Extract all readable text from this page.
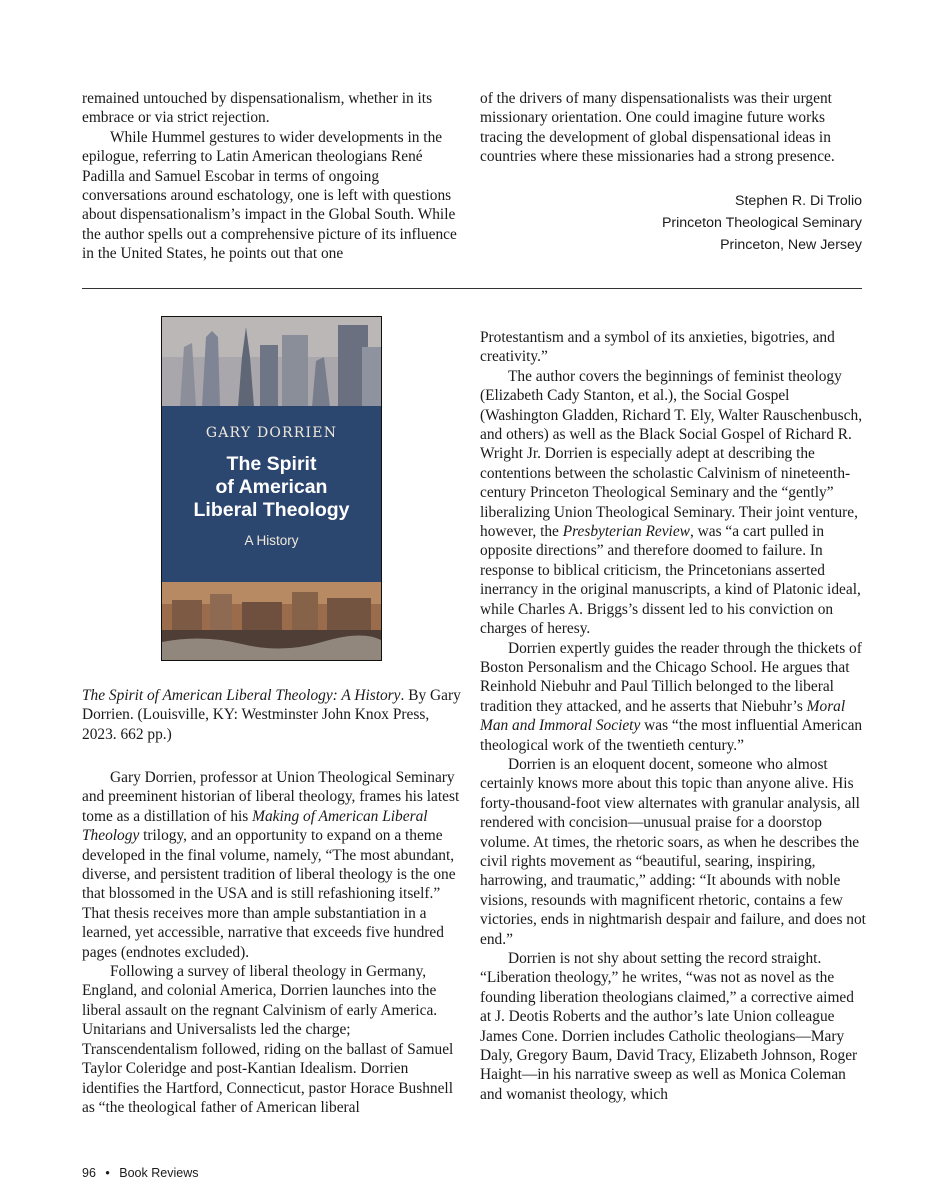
remained untouched by dispensationalism, whether in its embrace or via strict rejection.

While Hummel gestures to wider developments in the epilogue, referring to Latin American theologians René Padilla and Samuel Escobar in terms of ongoing conversations around eschatology, one is left with questions about dispensationalism’s impact in the Global South. While the author spells out a comprehensive picture of its influence in the United States, he points out that one

of the drivers of many dispensationalists was their urgent missionary orientation. One could imagine future works tracing the development of global dispensational ideas in countries where these missionaries had a strong presence.

Stephen R. Di Trolio
Princeton Theological Seminary
Princeton, New Jersey
GARY DORRIEN
The Spirit
of American
Liberal Theology
A History
The Spirit of American Liberal Theology: A History. By Gary Dorrien. (Louisville, KY: Westminster John Knox Press, 2023. 662 pp.)

Gary Dorrien, professor at Union Theological Seminary and preeminent historian of liberal theology, frames his latest tome as a distillation of his Making of American Liberal Theology trilogy, and an opportunity to expand on a theme developed in the final volume, namely, “The most abundant, diverse, and persistent tradition of liberal theology is the one that blossomed in the USA and is still refashioning itself.” That thesis receives more than ample substantiation in a learned, yet accessible, narrative that exceeds five hundred pages (endnotes excluded).

Following a survey of liberal theology in Germany, England, and colonial America, Dorrien launches into the liberal assault on the regnant Calvinism of early America. Unitarians and Universalists led the charge; Transcendentalism followed, riding on the ballast of Samuel Taylor Coleridge and post-Kantian Idealism. Dorrien identifies the Hartford, Connecticut, pastor Horace Bushnell as “the theological father of American liberal

Protestantism and a symbol of its anxieties, bigotries, and creativity.”

The author covers the beginnings of feminist theology (Elizabeth Cady Stanton, et al.), the Social Gospel (Washington Gladden, Richard T. Ely, Walter Rauschenbusch, and others) as well as the Black Social Gospel of Richard R. Wright Jr. Dorrien is especially adept at describing the contentions between the scholastic Calvinism of nineteenth-century Princeton Theological Seminary and the “gently” liberalizing Union Theological Seminary. Their joint venture, however, the Presbyterian Review, was “a cart pulled in opposite directions” and therefore doomed to failure. In response to biblical criticism, the Princetonians asserted inerrancy in the original manuscripts, a kind of Platonic ideal, while Charles A. Briggs’s dissent led to his conviction on charges of heresy.

Dorrien expertly guides the reader through the thickets of Boston Personalism and the Chicago School. He argues that Reinhold Niebuhr and Paul Tillich belonged to the liberal tradition they attacked, and he asserts that Niebuhr’s Moral Man and Immoral Society was “the most influential American theological work of the twentieth century.”

Dorrien is an eloquent docent, someone who almost certainly knows more about this topic than anyone alive. His forty-thousand-foot view alternates with granular analysis, all rendered with concision—unusual praise for a doorstop volume. At times, the rhetoric soars, as when he describes the civil rights movement as “beautiful, searing, inspiring, harrowing, and traumatic,” adding: “It abounds with noble visions, resounds with magnificent rhetoric, contains a few victories, ends in nightmarish despair and failure, and does not end.”

Dorrien is not shy about setting the record straight. “Liberation theology,” he writes, “was not as novel as the founding liberation theologians claimed,” a corrective aimed at J. Deotis Roberts and the author’s late Union colleague James Cone. Dorrien includes Catholic theologians—Mary Daly, Gregory Baum, David Tracy, Elizabeth Johnson, Roger Haight—in his narrative sweep as well as Monica Coleman and womanist theology, which

96 • Book Reviews
